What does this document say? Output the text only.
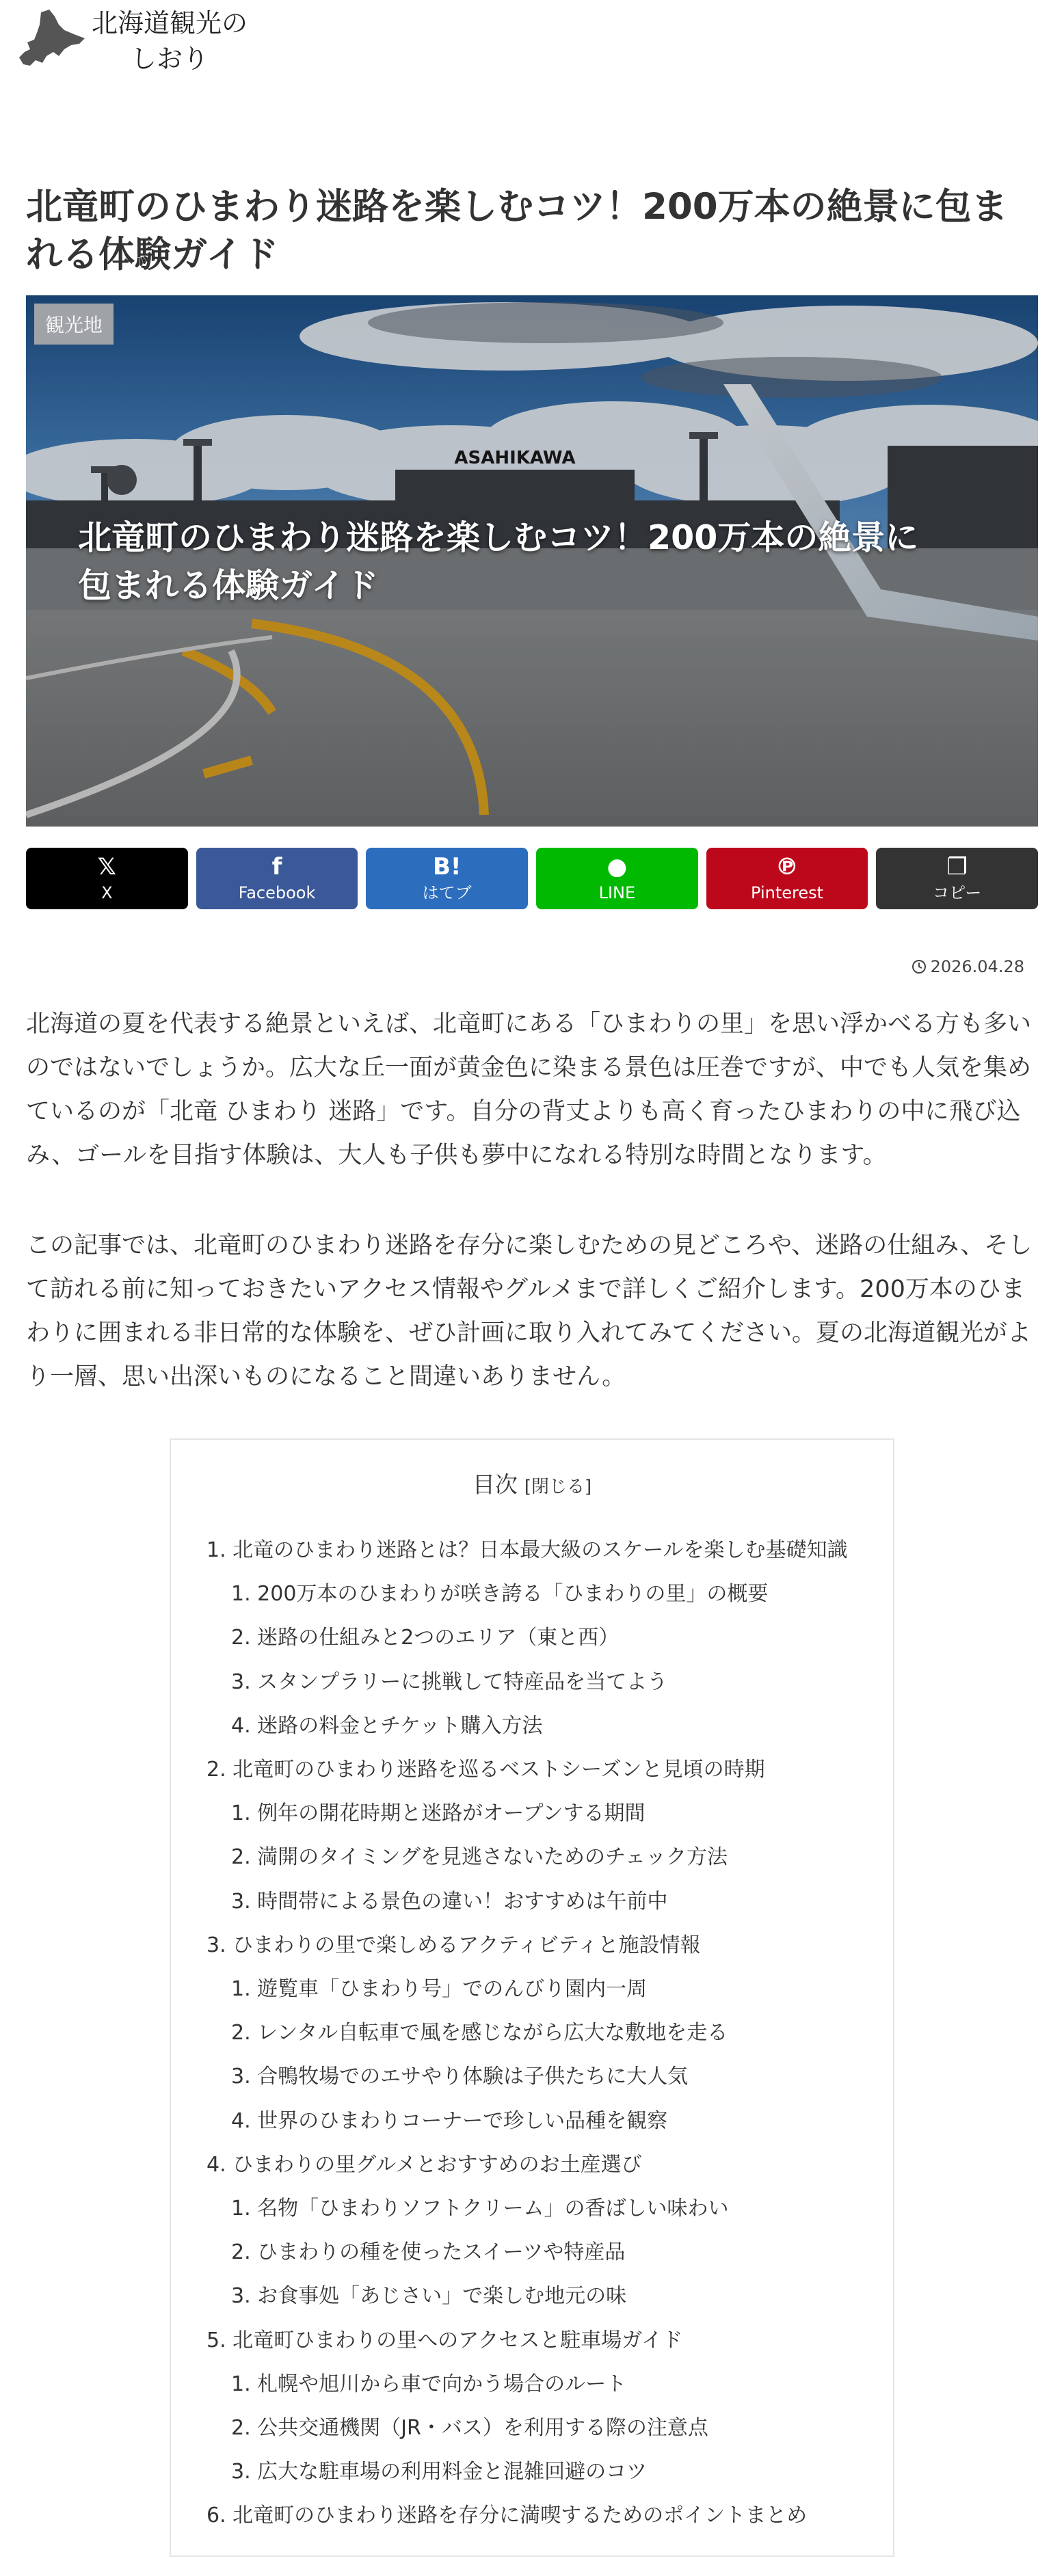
北海道観光の
しおり
北竜町のひまわり迷路を楽しむコツ！200万本の絶景に包まれる体験ガイド
ASAHIKAWA
観光地
北竜町のひまわり迷路を楽しむコツ！200万本の絶景に包まれる体験ガイド
𝕏
X
f
Facebook
B!
はてブ
●
LINE
℗
Pinterest
❐
コピー
2026.04.28

北海道の夏を代表する絶景といえば、北竜町にある「ひまわりの里」を思い浮かべる方も多いのではないでしょうか。広大な丘一面が黄金色に染まる景色は圧巻ですが、中でも人気を集めているのが「北竜 ひまわり 迷路」です。自分の背丈よりも高く育ったひまわりの中に飛び込み、ゴールを目指す体験は、大人も子供も夢中になれる特別な時間となります。

この記事では、北竜町のひまわり迷路を存分に楽しむための見どころや、迷路の仕組み、そして訪れる前に知っておきたいアクセス情報やグルメまで詳しくご紹介します。200万本のひまわりに囲まれる非日常的な体験を、ぜひ計画に取り入れてみてください。夏の北海道観光がより一層、思い出深いものになること間違いありません。

目次 [閉じる]
1. 北竜のひまわり迷路とは？日本最大級のスケールを楽しむ基礎知識
1. 200万本のひまわりが咲き誇る「ひまわりの里」の概要
2. 迷路の仕組みと2つのエリア（東と西）
3. スタンプラリーに挑戦して特産品を当てよう
4. 迷路の料金とチケット購入方法
2. 北竜町のひまわり迷路を巡るベストシーズンと見頃の時期
1. 例年の開花時期と迷路がオープンする期間
2. 満開のタイミングを見逃さないためのチェック方法
3. 時間帯による景色の違い！おすすめは午前中
3. ひまわりの里で楽しめるアクティビティと施設情報
1. 遊覧車「ひまわり号」でのんびり園内一周
2. レンタル自転車で風を感じながら広大な敷地を走る
3. 合鴨牧場でのエサやり体験は子供たちに大人気
4. 世界のひまわりコーナーで珍しい品種を観察
4. ひまわりの里グルメとおすすめのお土産選び
1. 名物「ひまわりソフトクリーム」の香ばしい味わい
2. ひまわりの種を使ったスイーツや特産品
3. お食事処「あじさい」で楽しむ地元の味
5. 北竜町ひまわりの里へのアクセスと駐車場ガイド
1. 札幌や旭川から車で向かう場合のルート
2. 公共交通機関（JR・バス）を利用する際の注意点
3. 広大な駐車場の利用料金と混雑回避のコツ
6. 北竜町のひまわり迷路を存分に満喫するためのポイントまとめ
